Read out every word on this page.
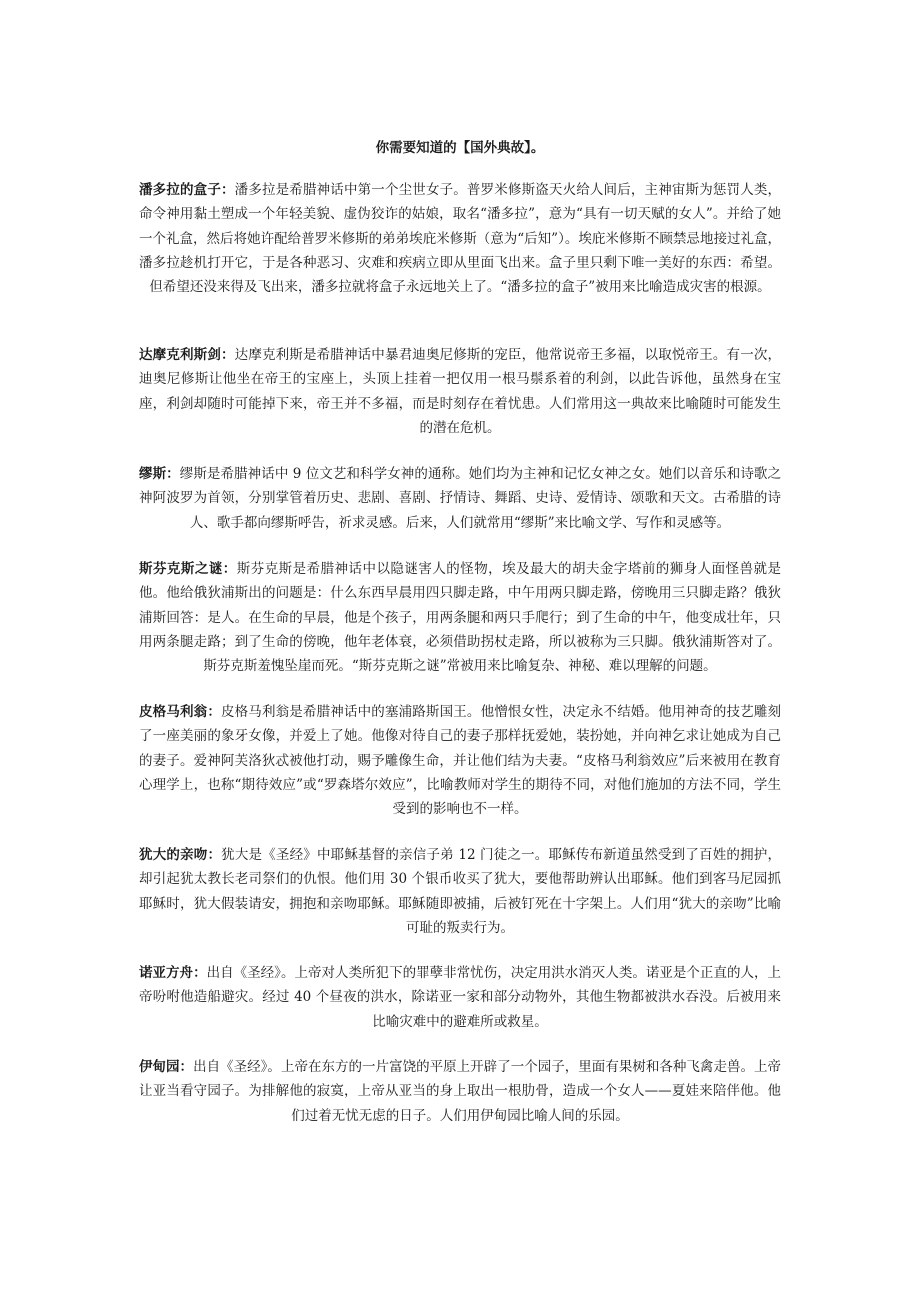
你需要知道的【国外典故】。

潘多拉的盒子：潘多拉是希腊神话中第一个尘世女子。普罗米修斯盗天火给人间后，主神宙斯为惩罚人类，命令神用黏土塑成一个年轻美貌、虚伪狡诈的姑娘，取名“潘多拉”，意为“具有一切天赋的女人”。并给了她一个礼盒，然后将她许配给普罗米修斯的弟弟埃庇米修斯（意为“后知”）。埃庇米修斯不顾禁忌地接过礼盒，潘多拉趁机打开它，于是各种恶习、灾难和疾病立即从里面飞出来。盒子里只剩下唯一美好的东西：希望。但希望还没来得及飞出来，潘多拉就将盒子永远地关上了。“潘多拉的盒子”被用来比喻造成灾害的根源。

达摩克利斯剑：达摩克利斯是希腊神话中暴君迪奥尼修斯的宠臣，他常说帝王多福，以取悦帝王。有一次，迪奥尼修斯让他坐在帝王的宝座上，头顶上挂着一把仅用一根马鬃系着的利剑，以此告诉他，虽然身在宝座，利剑却随时可能掉下来，帝王并不多福，而是时刻存在着忧患。人们常用这一典故来比喻随时可能发生的潜在危机。

缪斯：缪斯是希腊神话中 9 位文艺和科学女神的通称。她们均为主神和记忆女神之女。她们以音乐和诗歌之神阿波罗为首领，分别掌管着历史、悲剧、喜剧、抒情诗、舞蹈、史诗、爱情诗、颂歌和天文。古希腊的诗人、歌手都向缪斯呼告，祈求灵感。后来，人们就常用“缪斯”来比喻文学、写作和灵感等。

斯芬克斯之谜：斯芬克斯是希腊神话中以隐谜害人的怪物，埃及最大的胡夫金字塔前的狮身人面怪兽就是他。他给俄狄浦斯出的问题是：什么东西早晨用四只脚走路，中午用两只脚走路，傍晚用三只脚走路？俄狄浦斯回答：是人。在生命的早晨，他是个孩子，用两条腿和两只手爬行；到了生命的中午，他变成壮年，只用两条腿走路；到了生命的傍晚，他年老体衰，必须借助拐杖走路，所以被称为三只脚。俄狄浦斯答对了。斯芬克斯羞愧坠崖而死。“斯芬克斯之谜”常被用来比喻复杂、神秘、难以理解的问题。

皮格马利翁：皮格马利翁是希腊神话中的塞浦路斯国王。他憎恨女性，决定永不结婚。他用神奇的技艺雕刻了一座美丽的象牙女像，并爱上了她。他像对待自己的妻子那样抚爱她，装扮她，并向神乞求让她成为自己的妻子。爱神阿芙洛狄忒被他打动，赐予雕像生命，并让他们结为夫妻。“皮格马利翁效应”后来被用在教育心理学上，也称“期待效应”或“罗森塔尔效应”，比喻教师对学生的期待不同，对他们施加的方法不同，学生受到的影响也不一样。

犹大的亲吻：犹大是《圣经》中耶稣基督的亲信子弟 12 门徒之一。耶稣传布新道虽然受到了百姓的拥护，却引起犹太教长老司祭们的仇恨。他们用 30 个银币收买了犹大，要他帮助辨认出耶稣。他们到客马尼园抓耶稣时，犹大假装请安，拥抱和亲吻耶稣。耶稣随即被捕，后被钉死在十字架上。人们用“犹大的亲吻”比喻可耻的叛卖行为。

诺亚方舟：出自《圣经》。上帝对人类所犯下的罪孽非常忧伤，决定用洪水消灭人类。诺亚是个正直的人，上帝吩咐他造船避灾。经过 40 个昼夜的洪水，除诺亚一家和部分动物外，其他生物都被洪水吞没。后被用来比喻灾难中的避难所或救星。

伊甸园：出自《圣经》。上帝在东方的一片富饶的平原上开辟了一个园子，里面有果树和各种飞禽走兽。上帝让亚当看守园子。为排解他的寂寞，上帝从亚当的身上取出一根肋骨，造成一个女人——夏娃来陪伴他。他们过着无忧无虑的日子。人们用伊甸园比喻人间的乐园。
